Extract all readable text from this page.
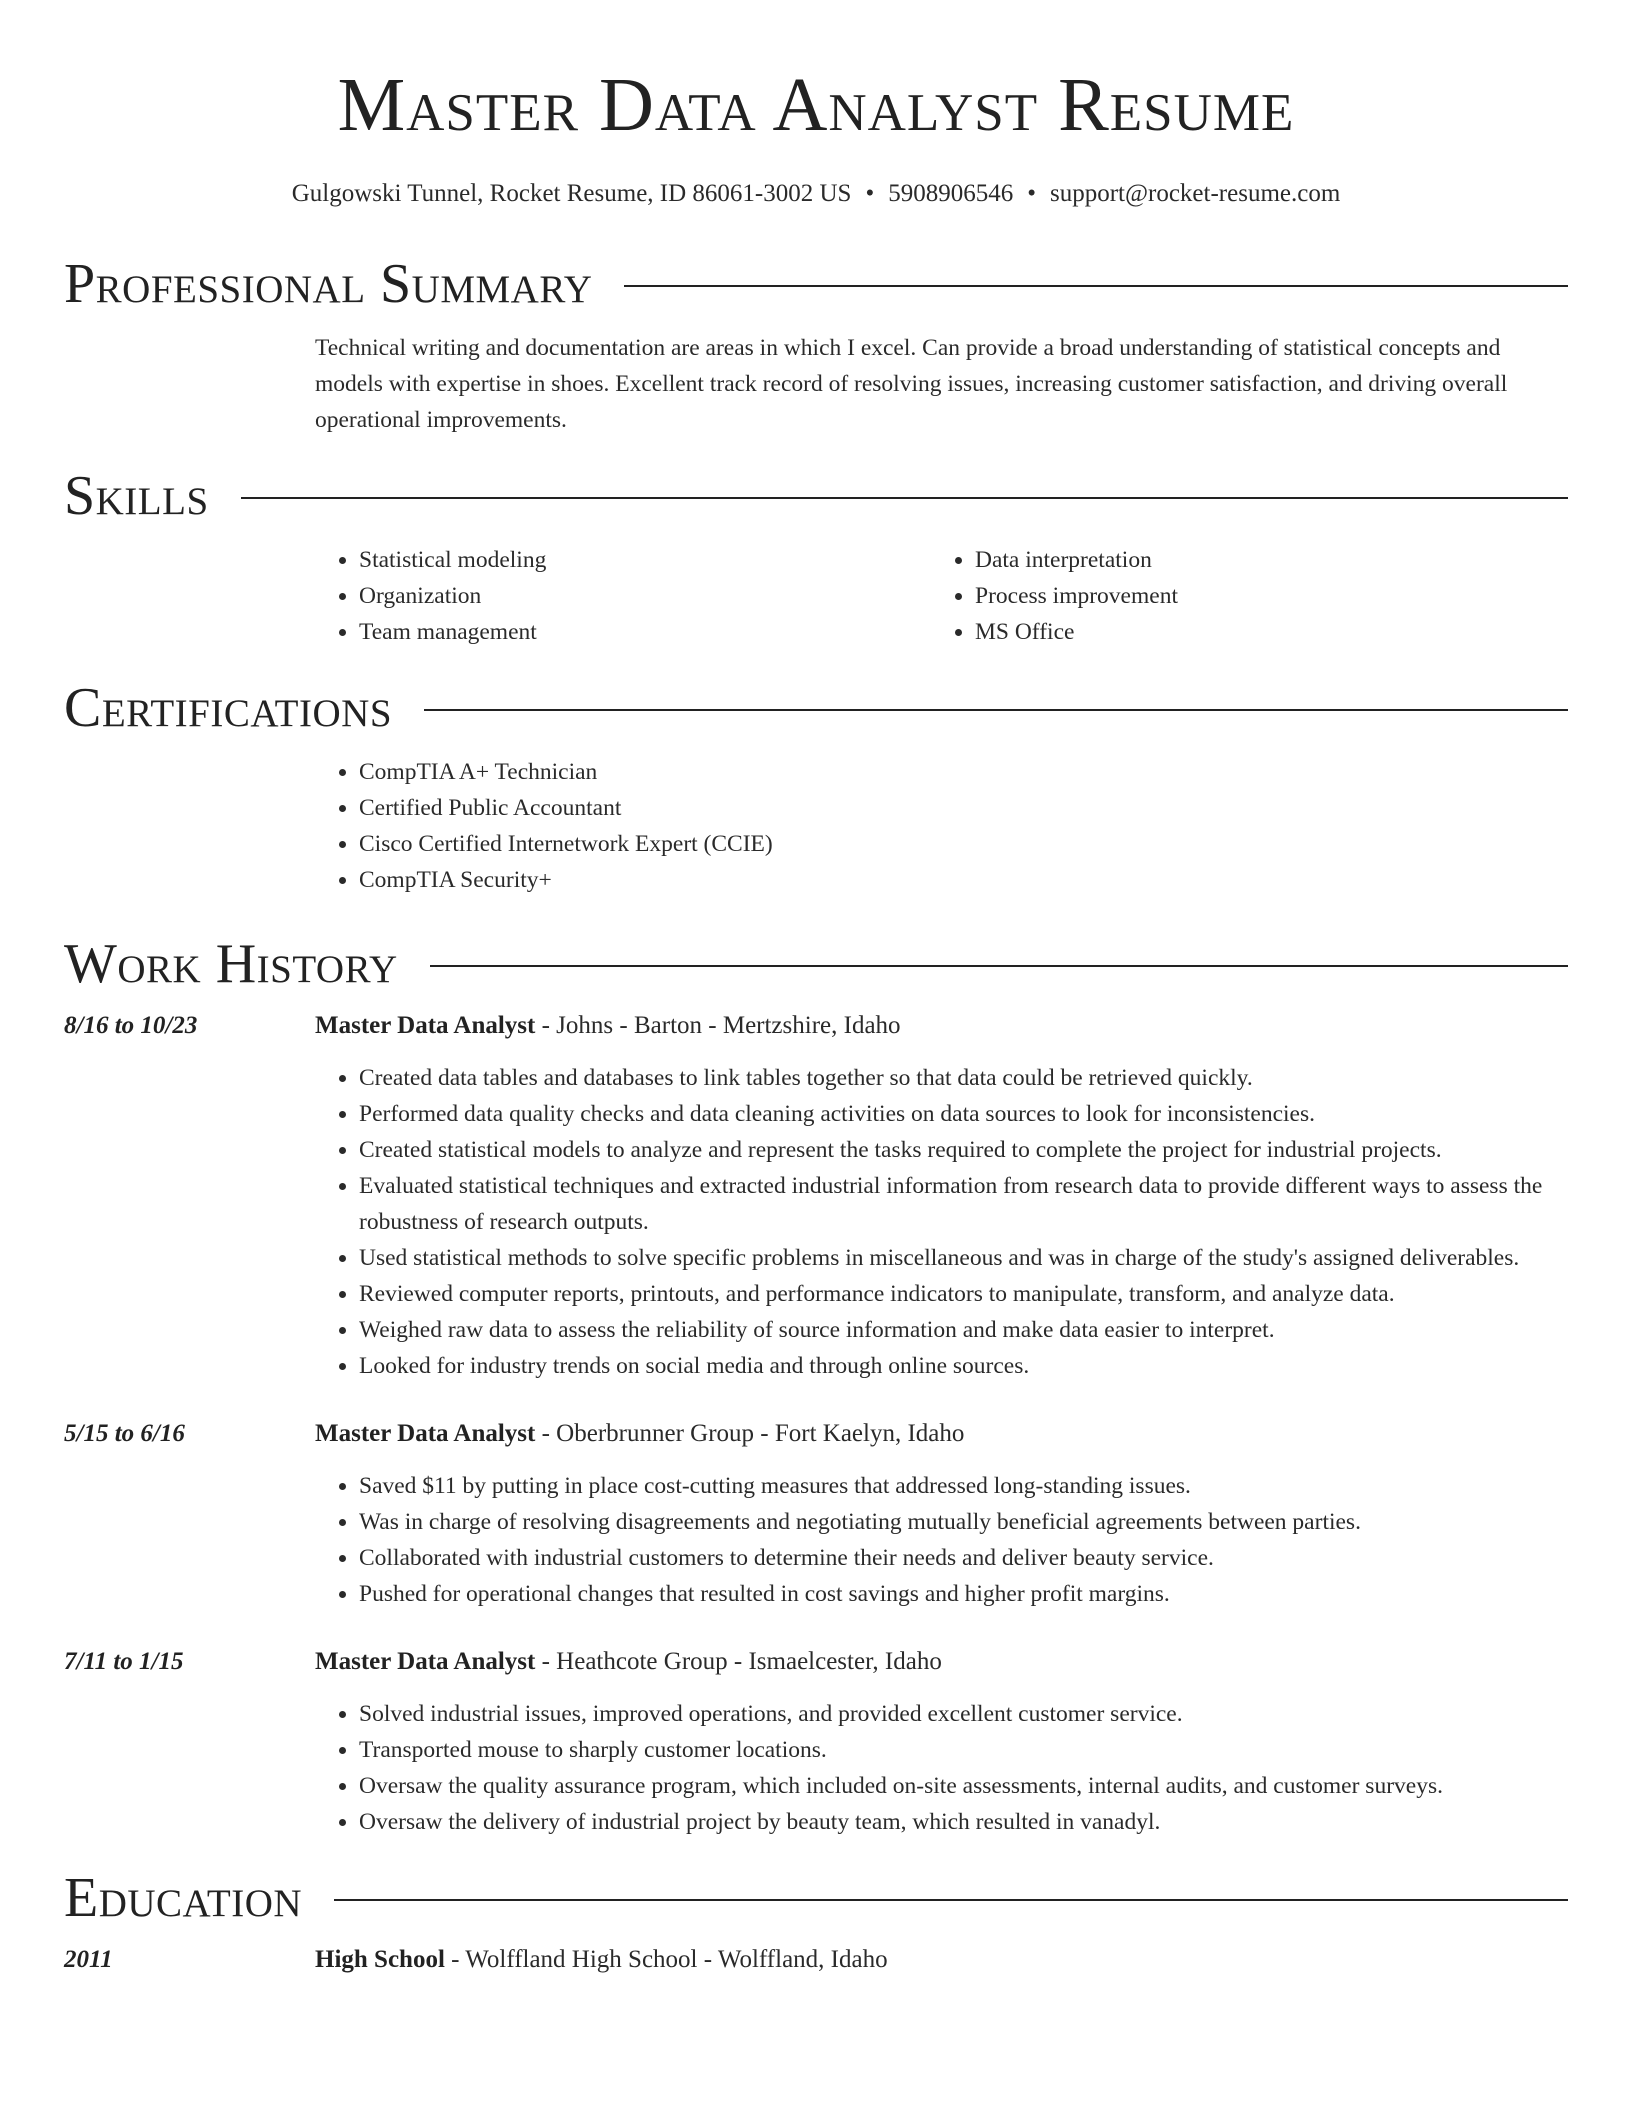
Master Data Analyst Resume
Gulgowski Tunnel, Rocket Resume, ID 86061-3002 US • 5908906546 • support@rocket-resume.com
Professional Summary
Technical writing and documentation are areas in which I excel. Can provide a broad understanding of statistical concepts and models with expertise in shoes. Excellent track record of resolving issues, increasing customer satisfaction, and driving overall operational improvements.
Skills
• Statistical modeling
• Organization
• Team management
• Data interpretation
• Process improvement
• MS Office
Certifications
• CompTIA A+ Technician
• Certified Public Accountant
• Cisco Certified Internetwork Expert (CCIE)
• CompTIA Security+
Work History
8/16 to 10/23	Master Data Analyst - Johns - Barton - Mertzshire, Idaho
• Created data tables and databases to link tables together so that data could be retrieved quickly.
• Performed data quality checks and data cleaning activities on data sources to look for inconsistencies.
• Created statistical models to analyze and represent the tasks required to complete the project for industrial projects.
• Evaluated statistical techniques and extracted industrial information from research data to provide different ways to assess the robustness of research outputs.
• Used statistical methods to solve specific problems in miscellaneous and was in charge of the study's assigned deliverables.
• Reviewed computer reports, printouts, and performance indicators to manipulate, transform, and analyze data.
• Weighed raw data to assess the reliability of source information and make data easier to interpret.
• Looked for industry trends on social media and through online sources.
5/15 to 6/16	Master Data Analyst - Oberbrunner Group - Fort Kaelyn, Idaho
• Saved $11 by putting in place cost-cutting measures that addressed long-standing issues.
• Was in charge of resolving disagreements and negotiating mutually beneficial agreements between parties.
• Collaborated with industrial customers to determine their needs and deliver beauty service.
• Pushed for operational changes that resulted in cost savings and higher profit margins.
7/11 to 1/15	Master Data Analyst - Heathcote Group - Ismaelcester, Idaho
• Solved industrial issues, improved operations, and provided excellent customer service.
• Transported mouse to sharply customer locations.
• Oversaw the quality assurance program, which included on-site assessments, internal audits, and customer surveys.
• Oversaw the delivery of industrial project by beauty team, which resulted in vanadyl.
Education
2011	High School - Wolffland High School - Wolffland, Idaho
